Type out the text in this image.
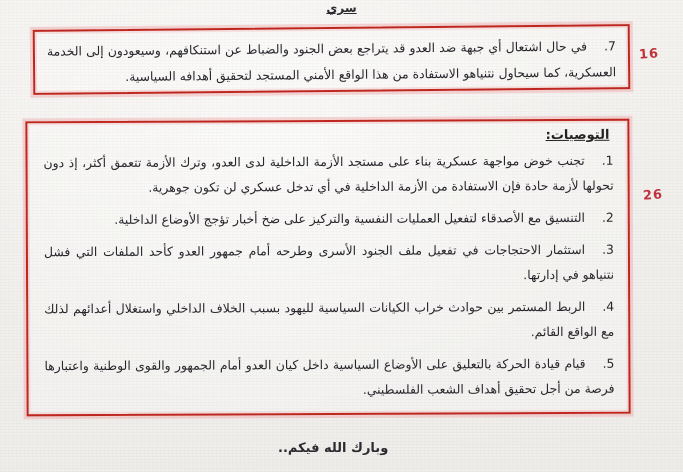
سري
7.في حال اشتعال أي جبهة ضد العدو قد يتراجع بعض الجنود والضباط عن استنكافهم، وسيعودون إلى الخدمة العسكرية، كما سيحاول نتنياهو الاستفادة من هذا الواقع الأمني المستجد لتحقيق أهدافه السياسية.
16
التوصيات:
1.تجنب خوض مواجهة عسكرية بناء على مستجد الأزمة الداخلية لدى العدو، وترك الأزمة تتعمق أكثر، إذ دون تحولها لأزمة حادة فإن الاستفادة من الأزمة الداخلية في أي تدخل عسكري لن تكون جوهرية.
2.التنسيق مع الأصدقاء لتفعيل العمليات النفسية والتركيز على ضخ أخبار تؤجج الأوضاع الداخلية.
3.استثمار الاحتجاجات في تفعيل ملف الجنود الأسرى وطرحه أمام جمهور العدو كأحد الملفات التي فشل نتنياهو في إدارتها.
4.الربط المستمر بين حوادث خراب الكيانات السياسية لليهود بسبب الخلاف الداخلي واستغلال أعدائهم لذلك مع الواقع القائم.
5.قيام قيادة الحركة بالتعليق على الأوضاع السياسية داخل كيان العدو أمام الجمهور والقوى الوطنية واعتبارها فرصة من أجل تحقيق أهداف الشعب الفلسطيني.
26
وبارك الله فيكم..
